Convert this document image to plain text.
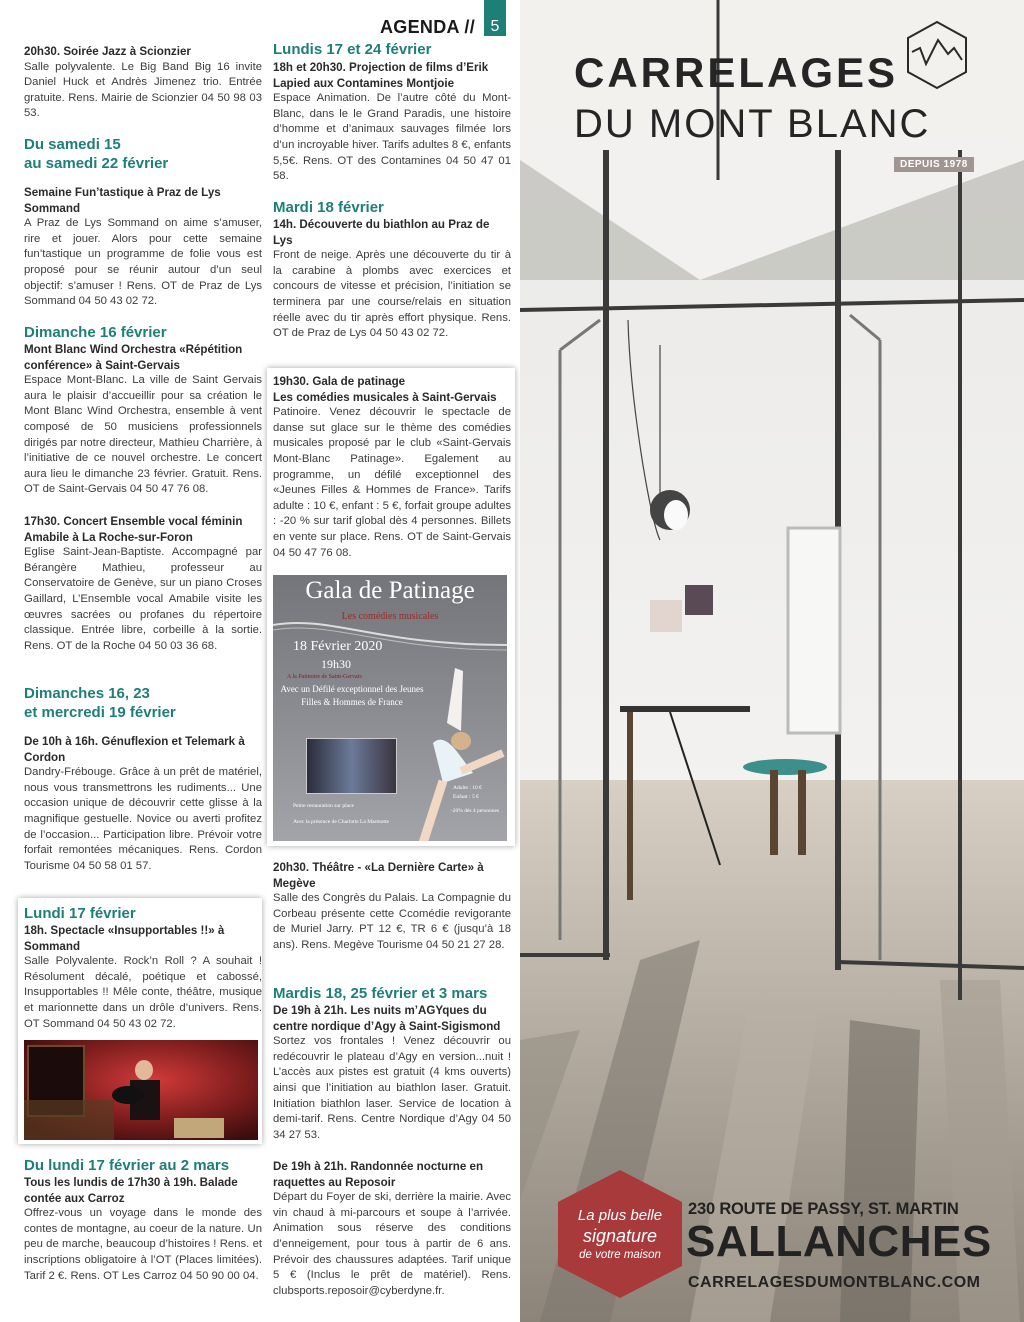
AGENDA // 5
20h30. Soirée Jazz à Scionzier
Salle polyvalente. Le Big Band Big 16 invite Daniel Huck et Andrès Jimenez trio. Entrée gratuite. Rens. Mairie de Scionzier 04 50 98 03 53.
Du samedi 15
au samedi 22 février
Semaine Fun’tastique à Praz de Lys Sommand
A Praz de Lys Sommand on aime s’amuser, rire et jouer. Alors pour cette semaine fun’tastique un programme de folie vous est proposé pour se réunir autour d’un seul objectif: s’amuser ! Rens. OT de Praz de Lys Sommand 04 50 43 02 72.
Dimanche 16 février
Mont Blanc Wind Orchestra «Répétition conférence» à Saint-Gervais
Espace Mont-Blanc. La ville de Saint Gervais aura le plaisir d’accueillir pour sa création le Mont Blanc Wind Orchestra, ensemble à vent composé de 50 musiciens professionnels dirigés par notre directeur, Mathieu Charrière, à l’initiative de ce nouvel orchestre. Le concert aura lieu le dimanche 23 février. Gratuit. Rens. OT de Saint-Gervais 04 50 47 76 08.
17h30. Concert Ensemble vocal féminin Amabile à La Roche-sur-Foron
Eglise Saint-Jean-Baptiste. Accompagné par Bérangère Mathieu, professeur au Conservatoire de Genève, sur un piano Croses Gaillard, L’Ensemble vocal Amabile visite les œuvres sacrées ou profanes du répertoire classique. Entrée libre, corbeille à la sortie. Rens. OT de la Roche 04 50 03 36 68.
Dimanches 16, 23
et mercredi 19 février
De 10h à 16h. Génuflexion et Telemark à Cordon
Dandry-Frébouge. Grâce à un prêt de matériel, nous vous transmettrons les rudiments... Une occasion unique de découvrir cette glisse à la magnifique gestuelle. Novice ou averti profitez de l’occasion... Participation libre. Prévoir votre forfait remontées mécaniques. Rens. Cordon Tourisme 04 50 58 01 57.
Lundi 17 février
18h. Spectacle «Insupportables !!» à Sommand
Salle Polyvalente. Rock’n Roll ? A souhait ! Résolument décalé, poétique et cabossé, Insupportables !! Mêle conte, théâtre, musique et marionnette dans un drôle d’univers. Rens. OT Sommand 04 50 43 02 72.
Du lundi 17 février au 2 mars
Tous les lundis de 17h30 à 19h. Balade contée aux Carroz
Offrez-vous un voyage dans le monde des contes de montagne, au coeur de la nature. Un peu de marche, beaucoup d’histoires ! Rens. et inscriptions obligatoire à l’OT (Places limitées). Tarif 2 €. Rens. OT Les Carroz 04 50 90 00 04.
Lundis 17 et 24 février
18h et 20h30. Projection de films d’Erik Lapied aux Contamines Montjoie
Espace Animation. De l’autre côté du Mont-Blanc, dans le le Grand Paradis, une histoire d’homme et d’animaux sauvages filmée lors d’un incroyable hiver. Tarifs adultes 8 €, enfants 5,5€. Rens. OT des Contamines 04 50 47 01 58.
Mardi 18 février
14h. Découverte du biathlon au Praz de Lys
Front de neige. Après une découverte du tir à la carabine à plombs avec exercices et concours de vitesse et précision, l’initiation se terminera par une course/relais en situation réelle avec du tir après effort physique. Rens. OT de Praz de Lys 04 50 43 02 72.
19h30. Gala de patinage
Les comédies musicales à Saint-Gervais
Patinoire. Venez découvrir le spectacle de danse sut glace sur le thème des comédies musicales proposé par le club «Saint-Gervais Mont-Blanc Patinage». Egalement au programme, un défilé exceptionnel des «Jeunes Filles & Hommes de France». Tarifs adulte : 10 €, enfant : 5 €, forfait groupe adultes : -20 % sur tarif global dès 4 personnes. Billets en vente sur place. Rens. OT de Saint-Gervais 04 50 47 76 08.
Gala de Patinage
Les comédies musicales
18 Février 2020
19h30
A la Patinoire de Saint-Gervais
Avec un Défilé exceptionnel des Jeunes Filles & Hommes de France
Petite restauration sur place
Avec la présence de Charlotte La Marmotte
Adulte : 10 €
Enfant : 5 €
-20% dès 4 personnes
20h30. Théâtre - «La Dernière Carte» à Megève
Salle des Congrès du Palais. La Compagnie du Corbeau présente cette Ccomédie revigorante de Muriel Jarry. PT 12 €, TR 6 € (jusqu’à 18 ans). Rens. Megève Tourisme 04 50 21 27 28.
Mardis 18, 25 février et 3 mars
De 19h à 21h. Les nuits m’AGYques du centre nordique d’Agy à Saint-Sigismond
Sortez vos frontales ! Venez découvrir ou redécouvrir le plateau d’Agy en version...nuit ! L’accès aux pistes est gratuit (4 kms ouverts) ainsi que l’initiation au biathlon laser. Gratuit. Initiation biathlon laser. Service de location à demi-tarif. Rens. Centre Nordique d’Agy 04 50 34 27 53.
De 19h à 21h. Randonnée nocturne en raquettes au Reposoir
Départ du Foyer de ski, derrière la mairie. Avec vin chaud à mi-parcours et soupe à l’arrivée. Animation sous réserve des conditions d’enneigement, pour tous à partir de 6 ans. Prévoir des chaussures adaptées. Tarif unique 5 € (Inclus le prêt de matériel). Rens. clubsports.reposoir@cyberdyne.fr.
CARRELAGES
DU MONT BLANC
DEPUIS 1978
La plus belle
signature
de votre maison
230 ROUTE DE PASSY, ST. MARTIN
SALLANCHES
CARRELAGESDUMONTBLANC.COM
